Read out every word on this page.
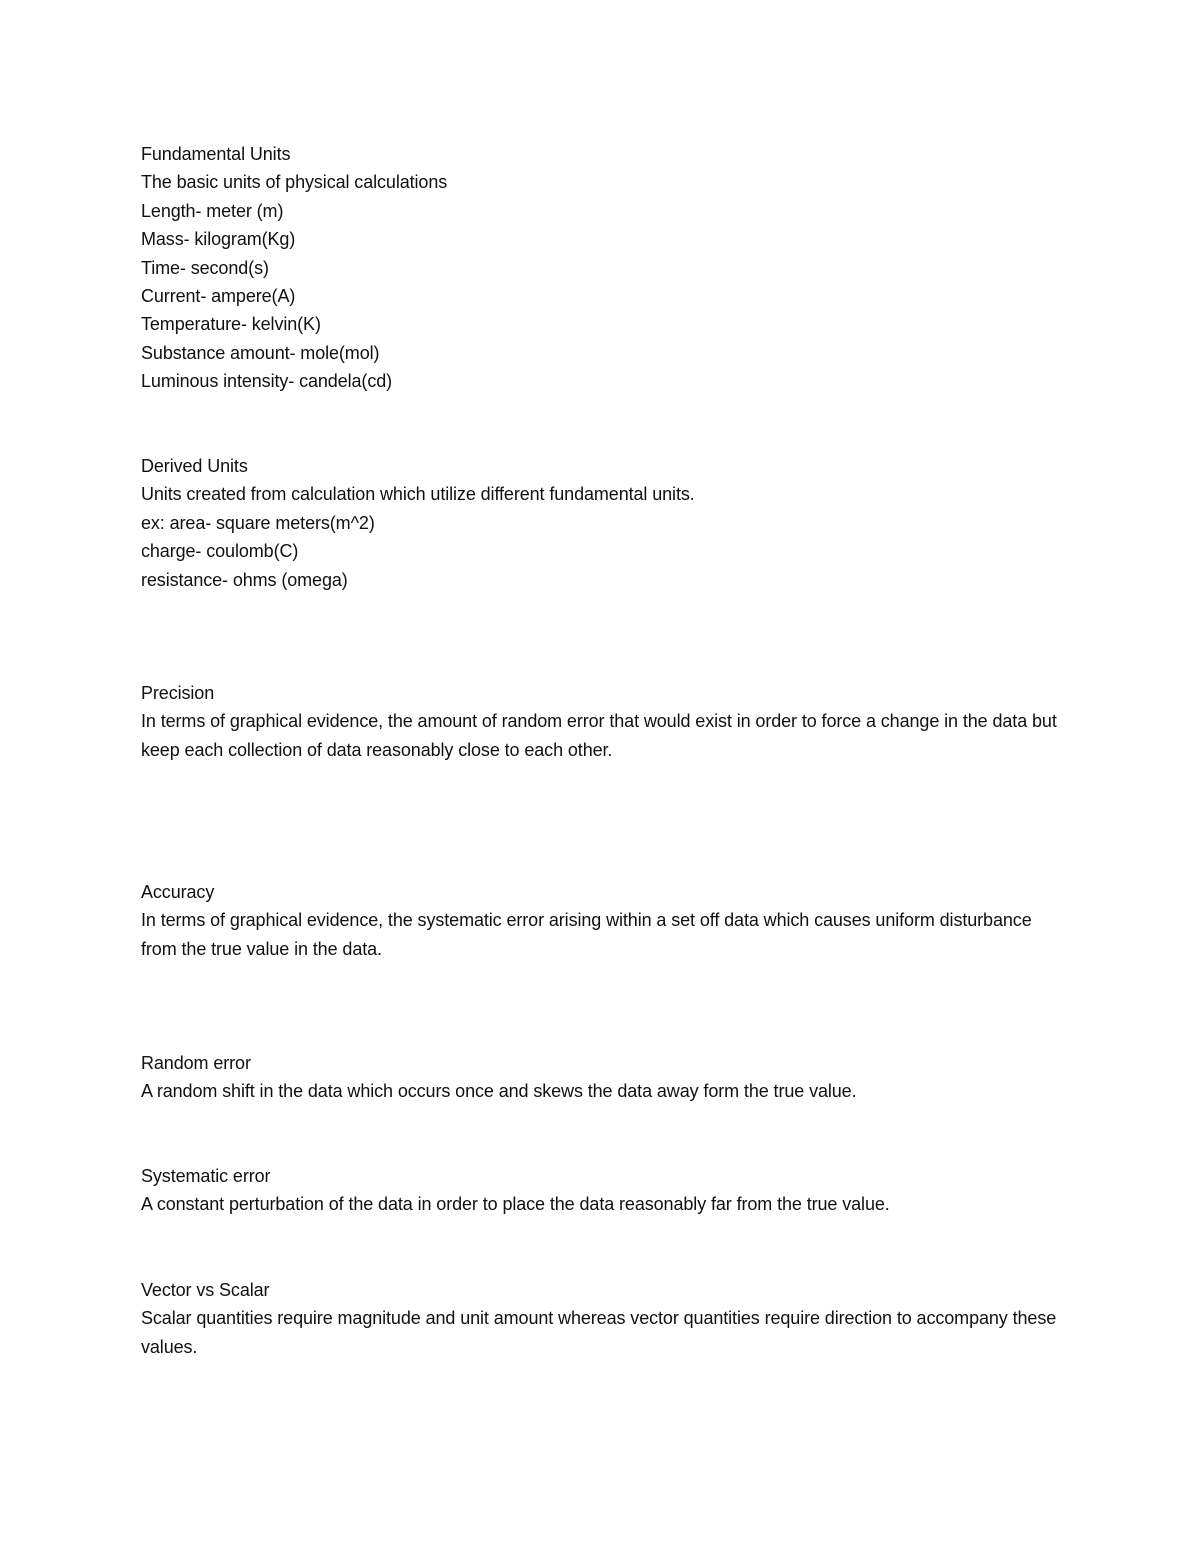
Fundamental Units
The basic units of physical calculations
Length- meter (m)
Mass- kilogram(Kg)
Time- second(s)
Current- ampere(A)
Temperature- kelvin(K)
Substance amount- mole(mol)
Luminous intensity- candela(cd)
Derived Units
Units created from calculation which utilize different fundamental units.
ex: area- square meters(m^2)
charge- coulomb(C)
resistance- ohms (omega)
Precision
In terms of graphical evidence, the amount of random error that would exist in order to force a change in the data but keep each collection of data reasonably close to each other.
Accuracy
In terms of graphical evidence, the systematic error arising within a set off data which causes uniform disturbance from the true value in the data.
Random error
A random shift in the data which occurs once and skews the data away form the true value.
Systematic error
A constant perturbation of the data in order to place the data reasonably far from the true value.
Vector vs Scalar
Scalar quantities require magnitude and unit amount whereas vector quantities require direction to accompany these values.
